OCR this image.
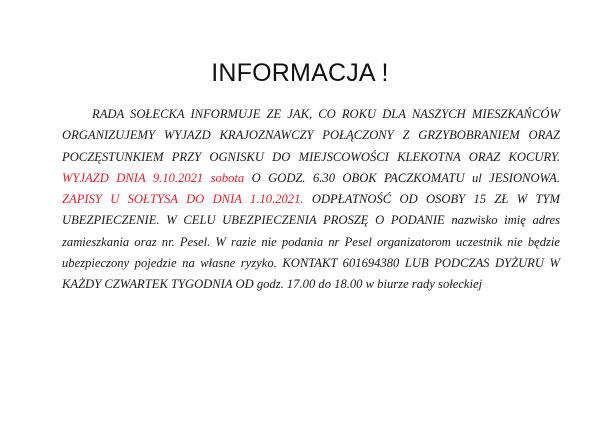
INFORMACJA !

RADA SOŁECKA INFORMUJE ZE JAK, CO ROKU DLA NASZYCH MIESZKAŃCÓW ORGANIZUJEMY WYJAZD KRAJOZNAWCZY POŁĄCZONY Z GRZYBOBRANIEM ORAZ POCZĘSTUNKIEM PRZY OGNISKU DO MIEJSCOWOŚCI KLEKOTNA ORAZ KOCURY. WYJAZD DNIA 9.10.2021 sobota O GODZ. 6.30 OBOK PACZKOMATU ul JESIONOWA. ZAPISY U SOŁTYSA DO DNIA 1.10.2021. ODPŁATNOŚĆ OD OSOBY 15 ZŁ W TYM UBEZPIECZENIE. W CELU UBEZPIECZENIA PROSZĘ O PODANIE nazwisko imię adres zamieszkania oraz nr. Pesel. W razie nie podania nr Pesel organizatorom uczestnik nie będzie ubezpieczony pojedzie na własne ryzyko. KONTAKT 601694380 LUB PODCZAS DYŻURU W KAŻDY CZWARTEK TYGODNIA OD godz. 17.00 do 18.00 w biurze rady sołeckiej
